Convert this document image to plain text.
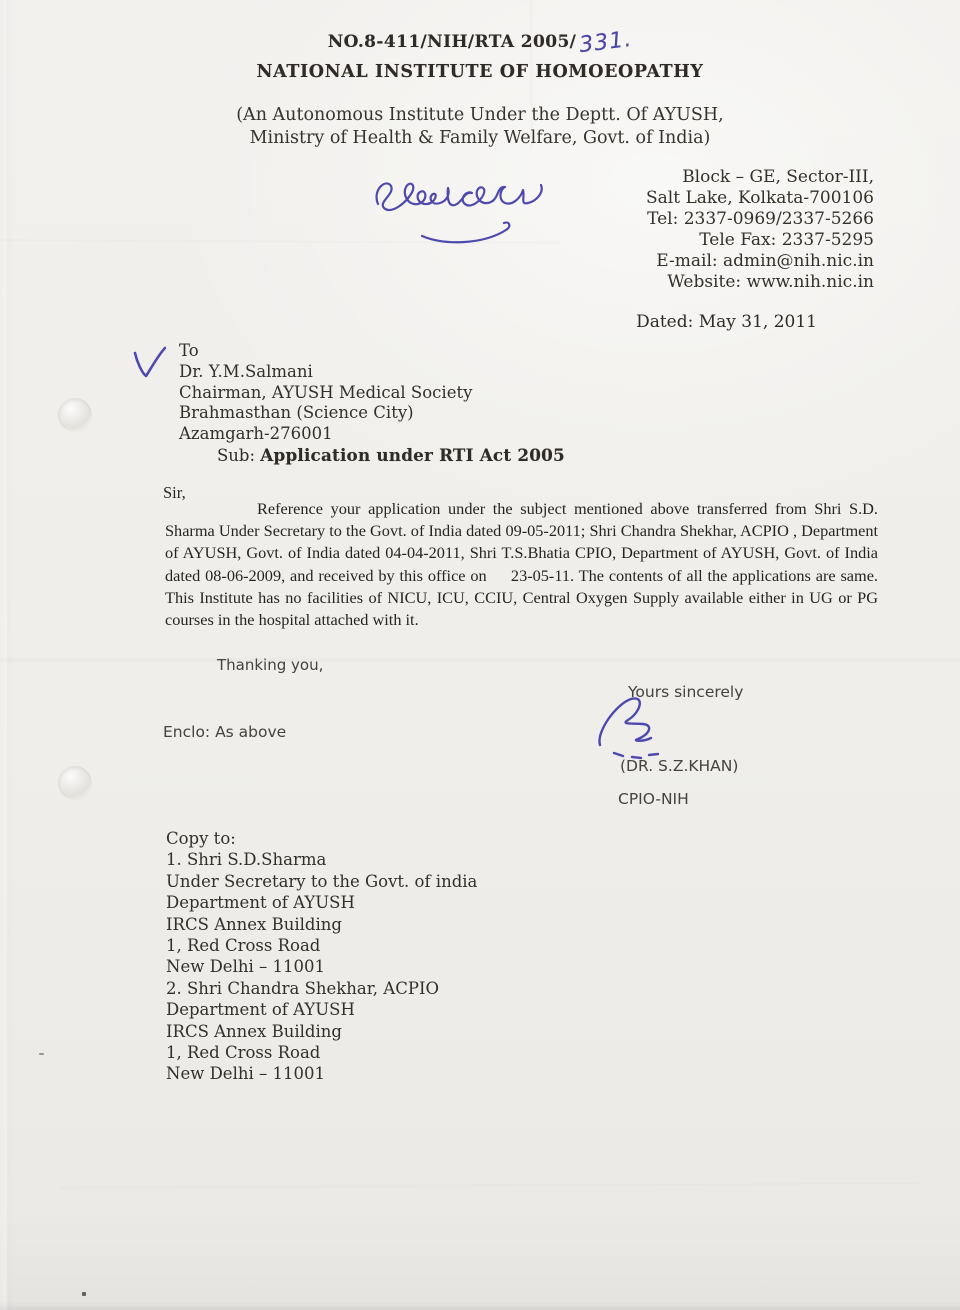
NO.8-411/NIH/RTA 2005/331.
NATIONAL INSTITUTE OF HOMOEOPATHY
(An Autonomous Institute Under the Deptt. Of AYUSH,
Ministry of Health & Family Welfare, Govt. of India)
Block – GE, Sector-III,
Salt Lake, Kolkata-700106
Tel: 2337-0969/2337-5266
Tele Fax: 2337-5295
E-mail: admin@nih.nic.in
Website: www.nih.nic.in
Dated: May 31, 2011
To
Dr. Y.M.Salmani
Chairman, AYUSH Medical Society
Brahmasthan (Science City)
Azamgarh-276001
Sub: Application under RTI Act 2005
Sir,

Reference your application under the subject mentioned above transferred from Shri S.D. Sharma Under Secretary to the Govt. of India dated 09-05-2011; Shri Chandra Shekhar, ACPIO , Department of AYUSH, Govt. of India dated 04-04-2011, Shri T.S.Bhatia CPIO, Department of AYUSH, Govt. of India dated 08-06-2009, and received by this office on     23-05-11. The contents of all the applications are same. This Institute has no facilities of NICU, ICU, CCIU, Central Oxygen Supply available either in UG or PG courses in the hospital attached with it.

Thanking you,
Yours sincerely
(DR. S.Z.KHAN)
CPIO-NIH
Enclo: As above
Copy to:
1. Shri S.D.Sharma
Under Secretary to the Govt. of india
Department of AYUSH
IRCS Annex Building
1, Red Cross Road
New Delhi – 11001
2. Shri Chandra Shekhar, ACPIO
Department of AYUSH
IRCS Annex Building
1, Red Cross Road
New Delhi – 11001
